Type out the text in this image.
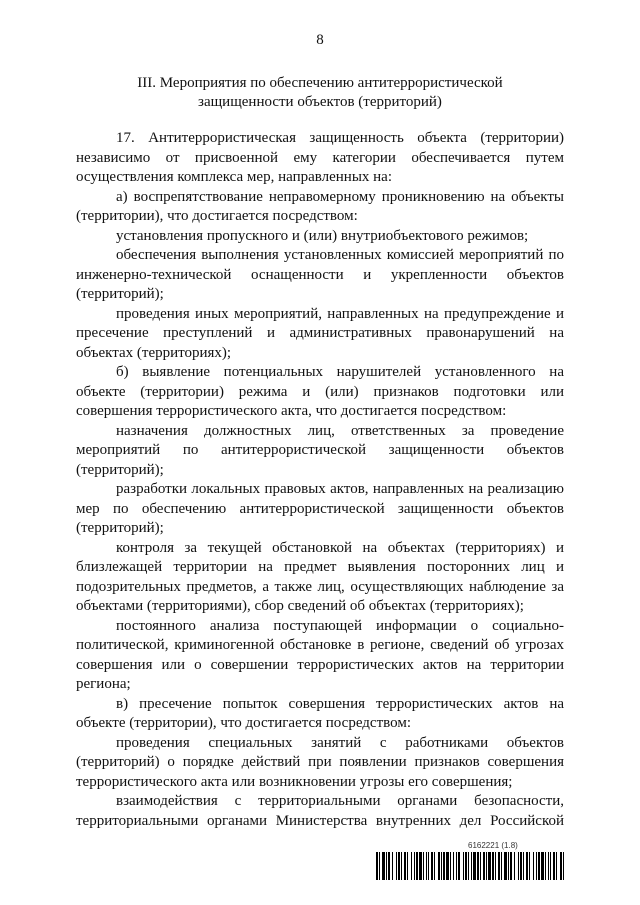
8
III. Мероприятия по обеспечению антитеррористической
защищенности объектов (территорий)

17. Антитеррористическая защищенность объекта (территории) независимо от присвоенной ему категории обеспечивается путем осуществления комплекса мер, направленных на:

а) воспрепятствование неправомерному проникновению на объекты (территории), что достигается посредством:

установления пропускного и (или) внутриобъектового режимов;

обеспечения выполнения установленных комиссией мероприятий по инженерно-технической оснащенности и укрепленности объектов (территорий);

проведения иных мероприятий, направленных на предупреждение и пресечение преступлений и административных правонарушений на объектах (территориях);

б) выявление потенциальных нарушителей установленного на объекте (территории) режима и (или) признаков подготовки или совершения террористического акта, что достигается посредством:

назначения должностных лиц, ответственных за проведение мероприятий по антитеррористической защищенности объектов (территорий);

разработки локальных правовых актов, направленных на реализацию мер по обеспечению антитеррористической защищенности объектов (территорий);

контроля за текущей обстановкой на объектах (территориях) и близлежащей территории на предмет выявления посторонних лиц и подозрительных предметов, а также лиц, осуществляющих наблюдение за объектами (территориями), сбор сведений об объектах (территориях);

постоянного анализа поступающей информации о социально-политической, криминогенной обстановке в регионе, сведений об угрозах совершения или о совершении террористических актов на территории региона;

в) пресечение попыток совершения террористических актов на объекте (территории), что достигается посредством:

проведения специальных занятий с работниками объектов (территорий) о порядке действий при появлении признаков совершения террористического акта или возникновении угрозы его совершения;

взаимодействия с территориальными органами безопасности, территориальными органами Министерства внутренних дел Российской

6162221 (1.8)
